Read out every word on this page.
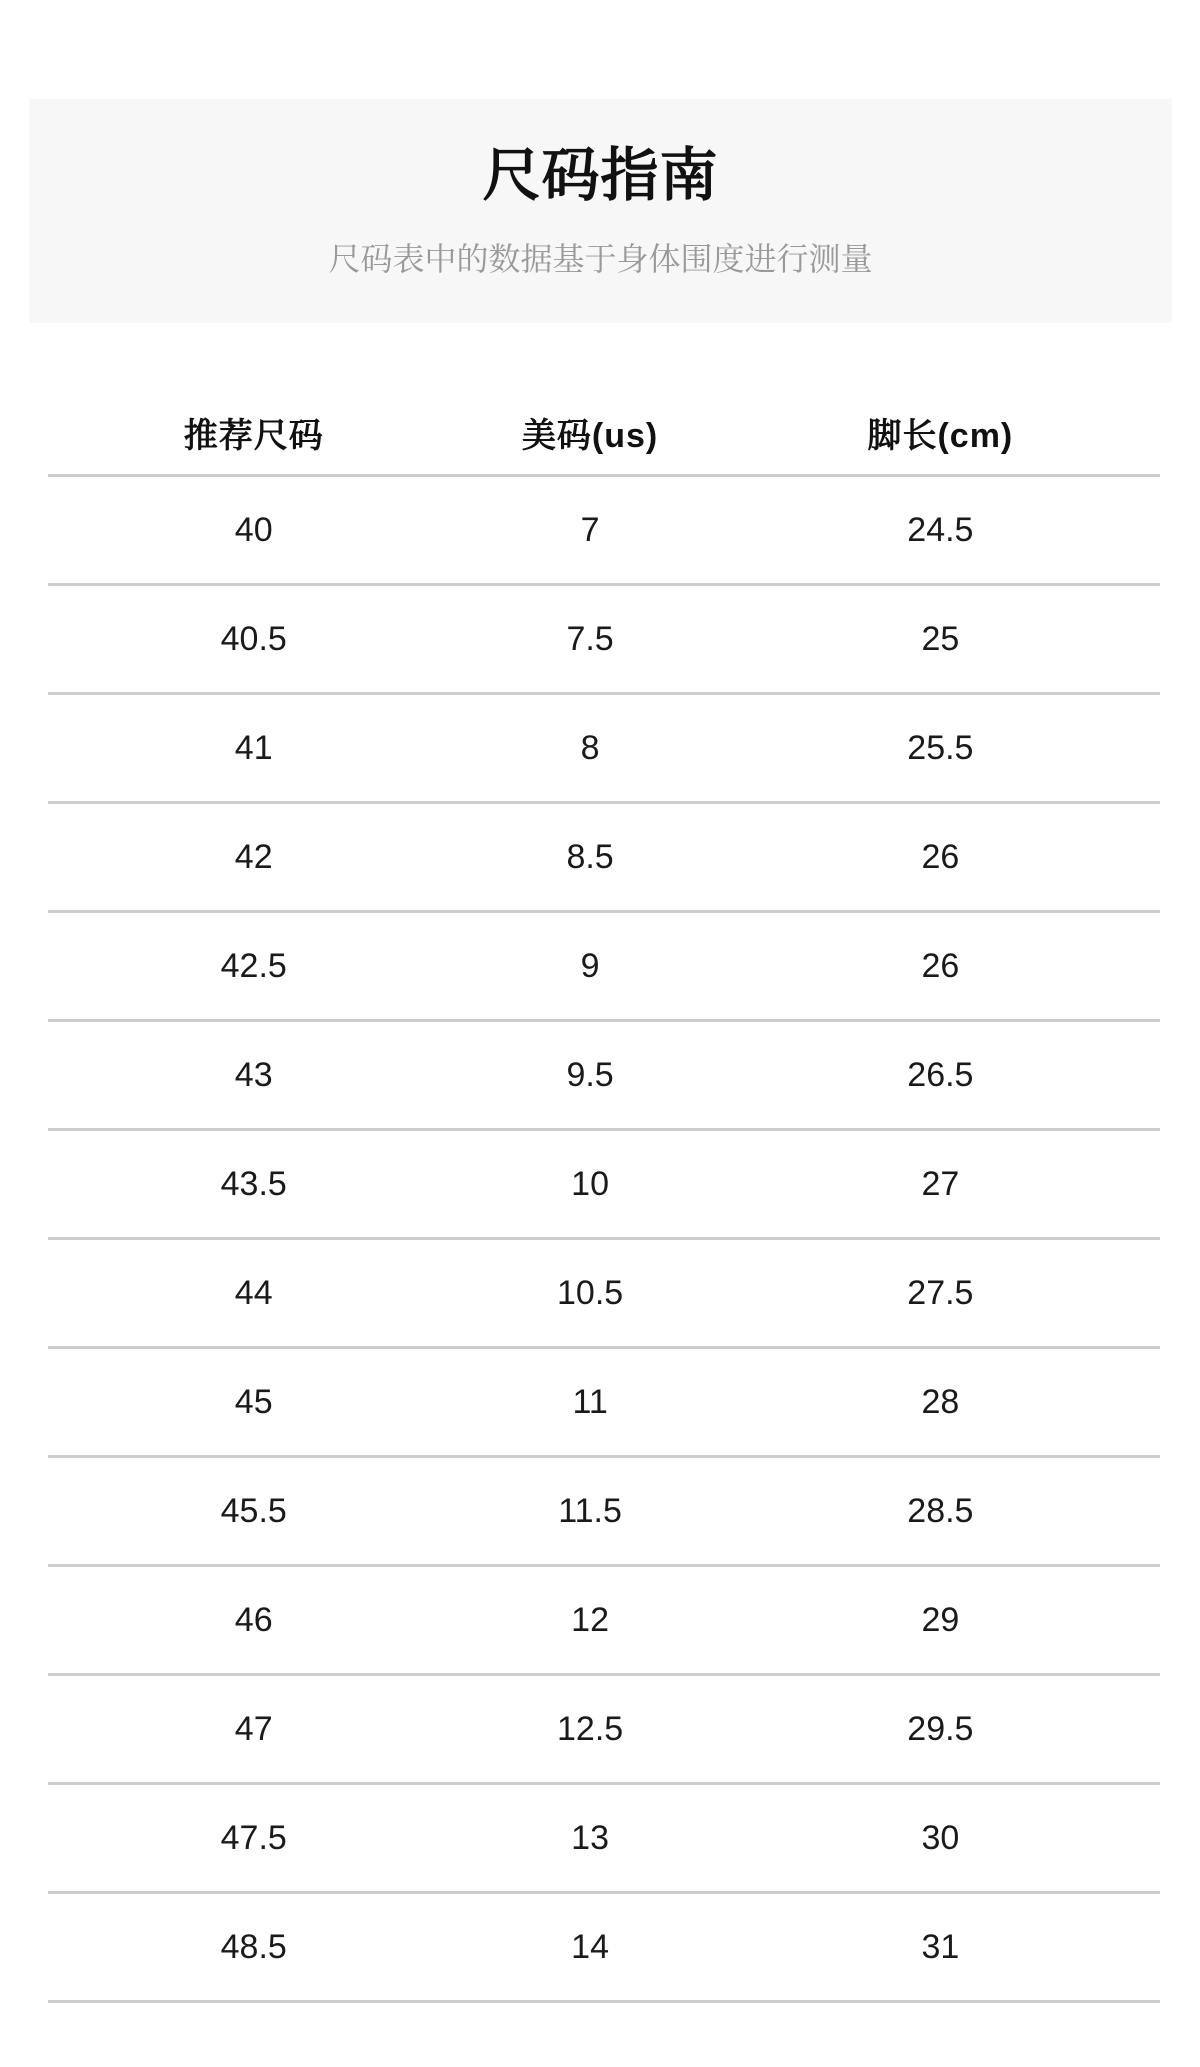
尺码指南
尺码表中的数据基于身体围度进行测量
推荐尺码	美码(us)	脚长(cm)
40	7	24.5
40.5	7.5	25
41	8	25.5
42	8.5	26
42.5	9	26
43	9.5	26.5
43.5	10	27
44	10.5	27.5
45	11	28
45.5	11.5	28.5
46	12	29
47	12.5	29.5
47.5	13	30
48.5	14	31
